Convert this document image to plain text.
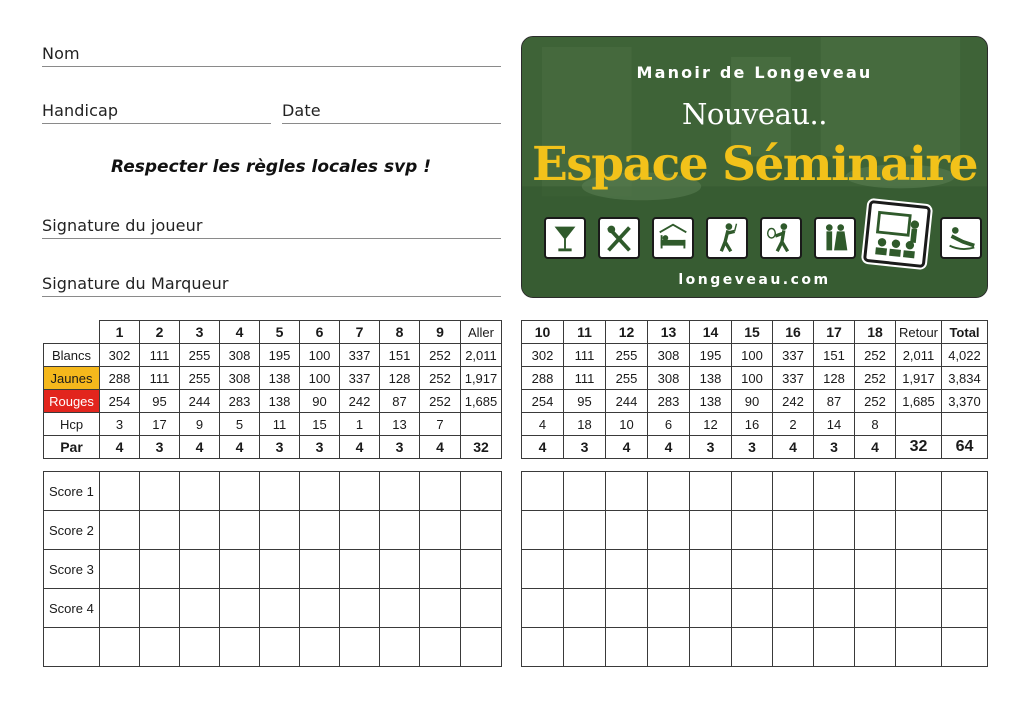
Nom
Handicap	Date
Respecter les règles locales svp !
Signature du joueur
Signature du Marqueur
Manoir de Longeveau
Nouveau..
Espace Séminaire
longeveau.com
	1	2	3	4	5	6	7	8	9	Aller
Blancs	302	111	255	308	195	100	337	151	252	2,011
Jaunes	288	111	255	308	138	100	337	128	252	1,917
Rouges	254	95	244	283	138	90	242	87	252	1,685
Hcp	3	17	9	5	11	15	1	13	7	
Par	4	3	4	4	3	3	4	3	4	32
10	11	12	13	14	15	16	17	18	Retour	Total
302	111	255	308	195	100	337	151	252	2,011	4,022
288	111	255	308	138	100	337	128	252	1,917	3,834
254	95	244	283	138	90	242	87	252	1,685	3,370
4	18	10	6	12	16	2	14	8		
4	3	4	4	3	3	4	3	4	32	64
Score 1										
Score 2										
Score 3										
Score 4										
